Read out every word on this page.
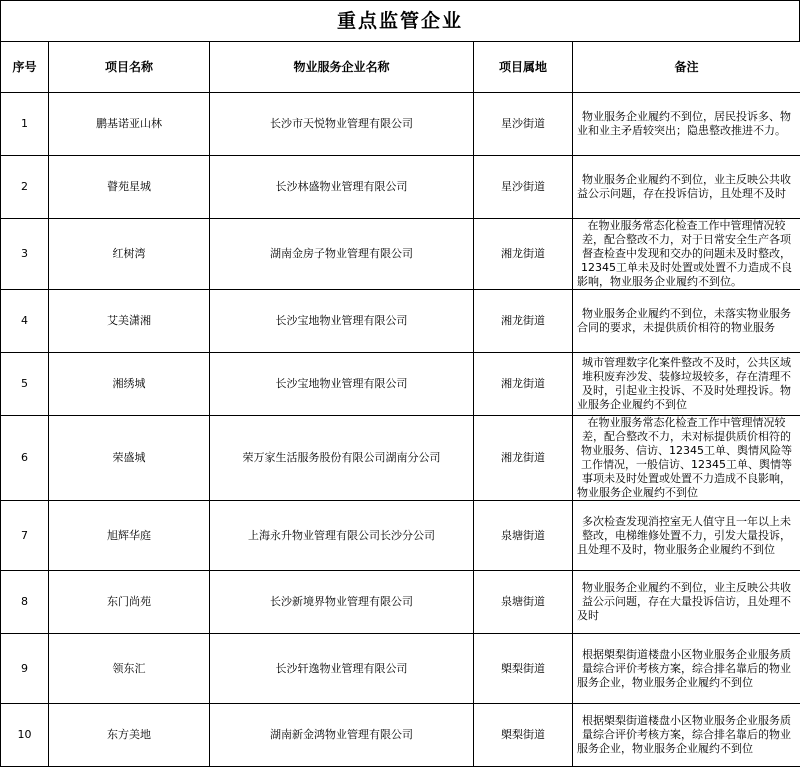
重点监管企业
序号	项目名称	物业服务企业名称	项目属地	备注
1	鹏基诺亚山林	长沙市天悦物业管理有限公司	星沙街道	物业服务企业履约不到位，居民投诉多、物业和业主矛盾较突出；隐患整改推进不力。

2	瞽苑星城	长沙林盛物业管理有限公司	星沙街道	物业服务企业履约不到位，业主反映公共收益公示问题，存在投诉信访，且处理不及时

3	红树湾	湖南金房子物业管理有限公司	湘龙街道	在物业服务常态化检查工作中管理情况较差，配合整改不力，对于日常安全生产各项督查检查中发现和交办的问题未及时整改，12345工单未及时处置或处置不力造成不良影响，物业服务企业履约不到位。

4	艾美潇湘	长沙宝地物业管理有限公司	湘龙街道	物业服务企业履约不到位，未落实物业服务合同的要求，未提供质价相符的物业服务

5	湘绣城	长沙宝地物业管理有限公司	湘龙街道	城市管理数字化案件整改不及时，公共区域堆积废弃沙发、装修垃圾较多，存在清理不及时，引起业主投诉、不及时处理投诉。物业服务企业履约不到位

6	荣盛城	荣万家生活服务股份有限公司湖南分公司	湘龙街道	在物业服务常态化检查工作中管理情况较差，配合整改不力，未对标提供质价相符的物业服务、信访、12345工单、舆情风险等工作情况，一般信访、12345工单、舆情等事项未及时处置或处置不力造成不良影响，物业服务企业履约不到位

7	旭辉华庭	上海永升物业管理有限公司长沙分公司	泉塘街道	多次检查发现消控室无人值守且一年以上未整改，电梯维修处置不力，引发大量投诉，且处理不及时，物业服务企业履约不到位

8	东门尚苑	长沙新境界物业管理有限公司	泉塘街道	物业服务企业履约不到位，业主反映公共收益公示问题，存在大量投诉信访，且处理不及时

9	领东汇	长沙轩逸物业管理有限公司	㮾梨街道	根据㮾梨街道楼盘小区物业服务企业服务质量综合评价考核方案，综合排名靠后的物业服务企业，物业服务企业履约不到位

10	东方美地	湖南新金鸿物业管理有限公司	㮾梨街道	根据㮾梨街道楼盘小区物业服务企业服务质量综合评价考核方案，综合排名靠后的物业服务企业，物业服务企业履约不到位
